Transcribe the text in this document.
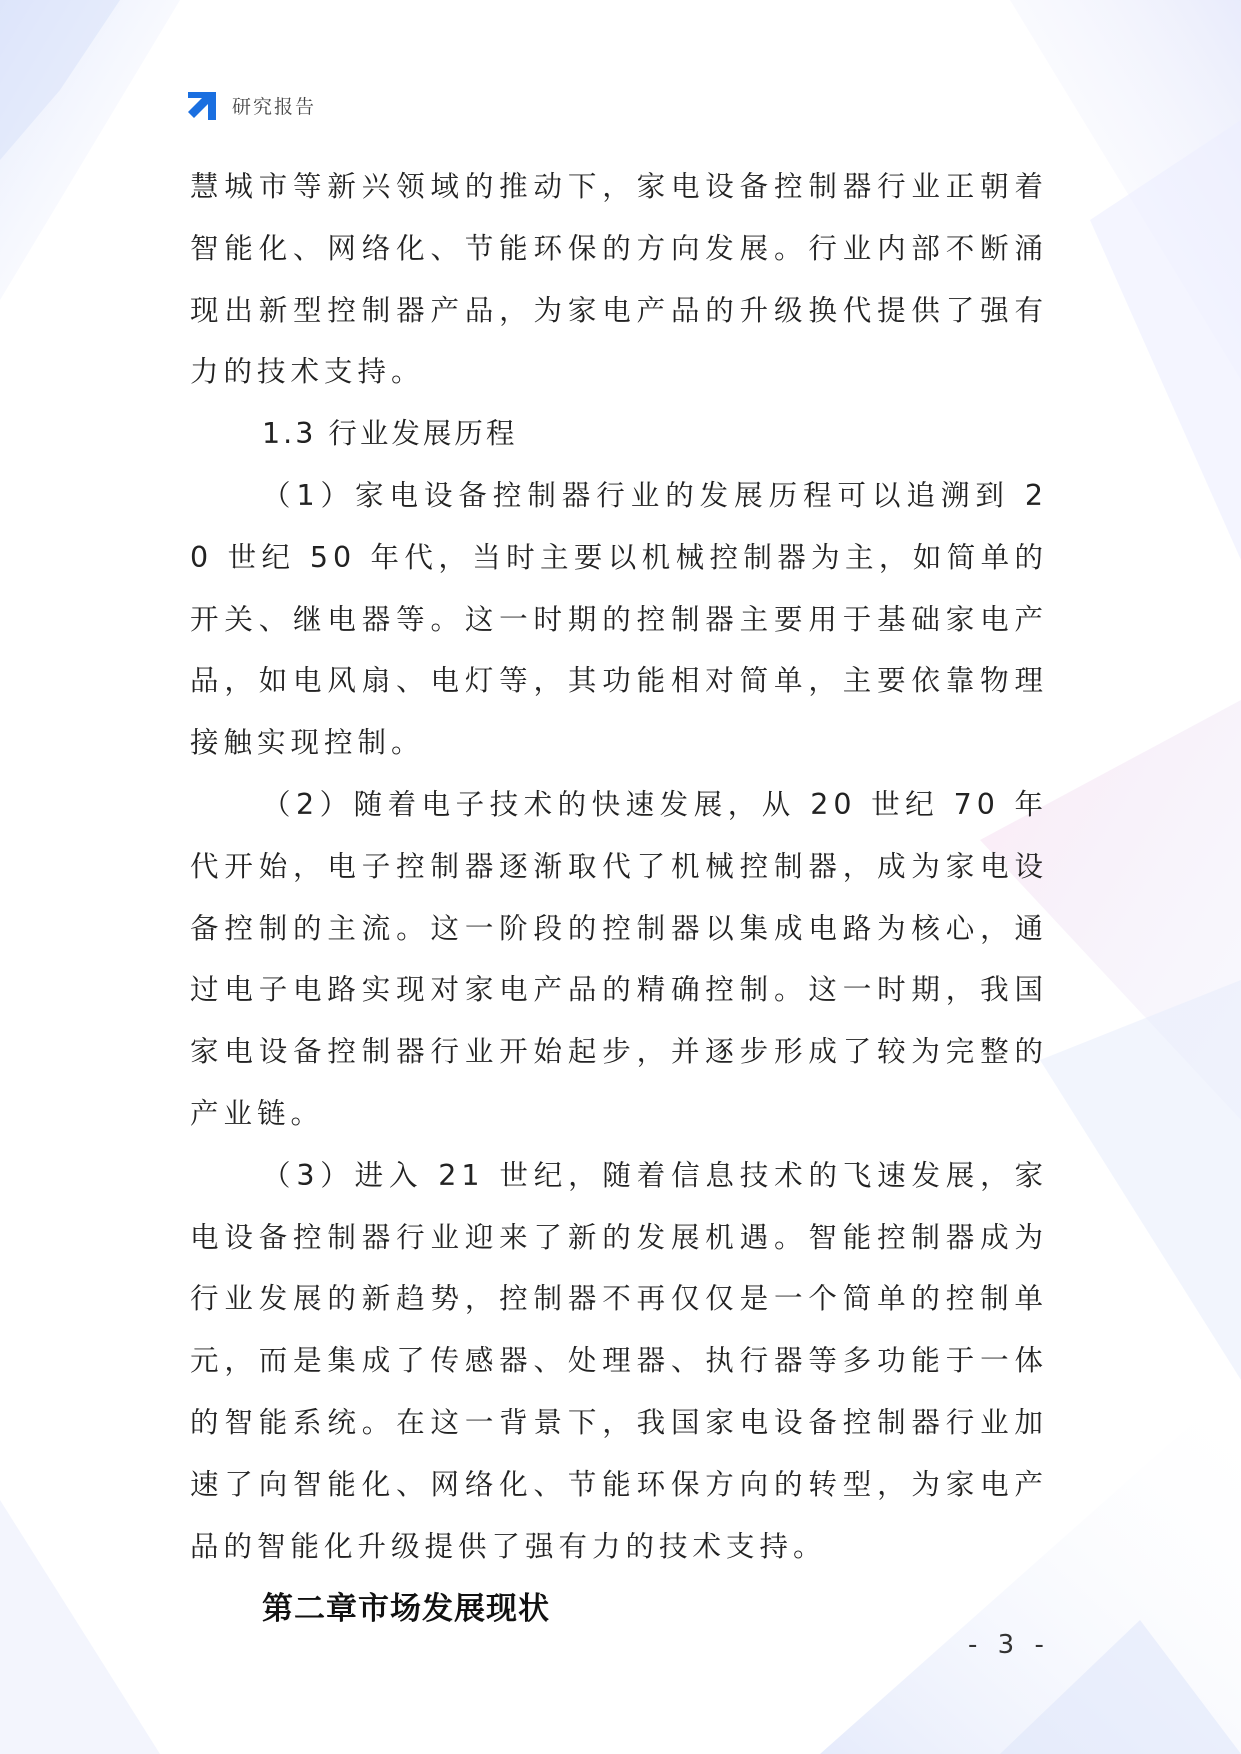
研究报告

慧城市等新兴领域的推动下，家电设备控制器行业正朝着智能化、网络化、节能环保的方向发展。行业内部不断涌现出新型控制器产品，为家电产品的升级换代提供了强有力的技术支持。

1.3 行业发展历程

（1）家电设备控制器行业的发展历程可以追溯到 20 世纪 50 年代，当时主要以机械控制器为主，如简单的开关、继电器等。这一时期的控制器主要用于基础家电产品，如电风扇、电灯等，其功能相对简单，主要依靠物理接触实现控制。

（2）随着电子技术的快速发展，从 20 世纪 70 年代开始，电子控制器逐渐取代了机械控制器，成为家电设备控制的主流。这一阶段的控制器以集成电路为核心，通过电子电路实现对家电产品的精确控制。这一时期，我国家电设备控制器行业开始起步，并逐步形成了较为完整的产业链。

（3）进入 21 世纪，随着信息技术的飞速发展，家电设备控制器行业迎来了新的发展机遇。智能控制器成为行业发展的新趋势，控制器不再仅仅是一个简单的控制单元，而是集成了传感器、处理器、执行器等多功能于一体的智能系统。在这一背景下，我国家电设备控制器行业加速了向智能化、网络化、节能环保方向的转型，为家电产品的智能化升级提供了强有力的技术支持。

第二章市场发展现状

- 3 -
